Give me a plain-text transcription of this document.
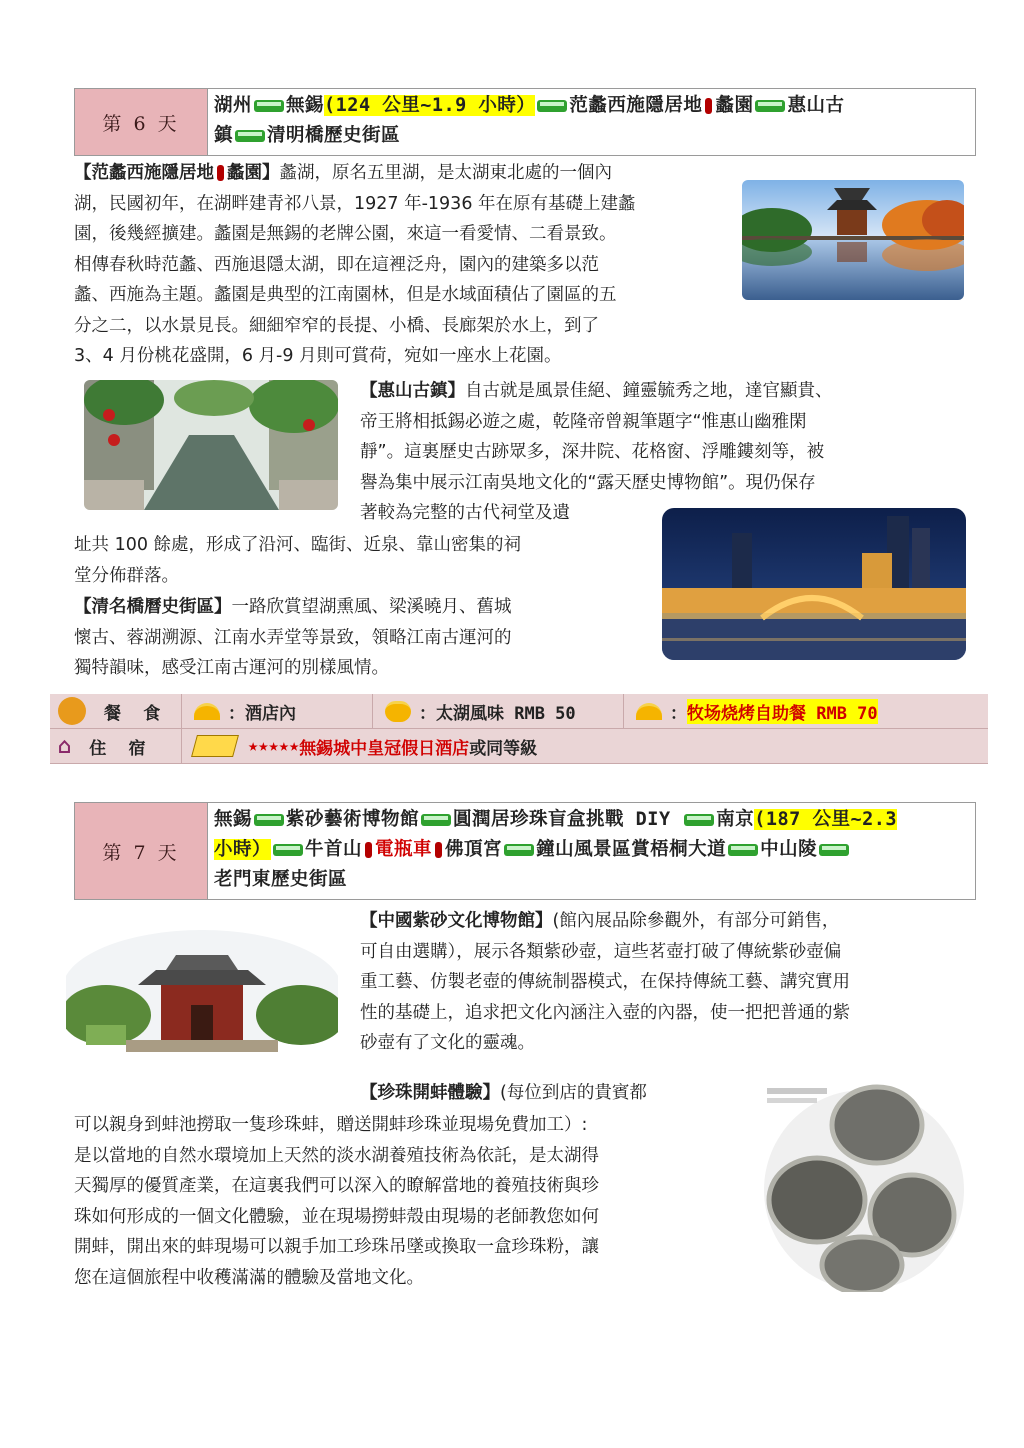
第 6 天
湖州 無錫(124 公里~1.9 小時） 范蠡西施隱居地 蠡園 惠山古
鎮 清明橋歷史街區
【范蠡西施隱居地 蠡園】蠡湖，原名五里湖，是太湖東北處的一個內
湖，民國初年，在湖畔建青祁八景，1927 年-1936 年在原有基礎上建蠡
園，後幾經擴建。蠡園是無錫的老牌公園，來這一看愛情、二看景致。
相傳春秋時范蠡、西施退隱太湖，即在這裡泛舟，園內的建築多以范
蠡、西施為主題。蠡園是典型的江南園林，但是水域面積佔了園區的五
分之二，以水景見長。細細窄窄的長提、小橋、長廊架於水上，到了
3、4 月份桃花盛開，6 月-9 月則可賞荷，宛如一座水上花園。
【惠山古鎮】自古就是風景佳絕、鐘靈毓秀之地，達官顯貴、
帝王將相抵錫必遊之處，乾隆帝曾親筆題字“惟惠山幽雅閑
靜”。這裏歷史古跡眾多，深井院、花格窗、浮雕鏤刻等，被
譽為集中展示江南吳地文化的“露天歷史博物館”。現仍保存
著較為完整的古代祠堂及遺
址共 100 餘處，形成了沿河、臨街、近泉、靠山密集的祠
堂分佈群落。
【清名橋曆史街區】一路欣賞望湖熏風、梁溪曉月、舊城
懷古、蓉湖溯源、江南水弄堂等景致，領略江南古運河的
獨特韻味，感受江南古運河的別樣風情。
餐 食	：酒店內	：太湖風味 RMB 50	： 牧场烧烤自助餐 RMB 70
⌂ 住 宿	★★★★★ 無錫城中皇冠假日酒店 或同等級
第 7 天
無錫 紫砂藝術博物館 圓潤居珍珠盲盒挑戰 DIY 南京(187 公里~2.3
小時） 牛首山 電瓶車 佛頂宮 鐘山風景區賞梧桐大道 中山陵
老門東歷史街區
【中國紫砂文化博物館】(館內展品除參觀外，有部分可銷售，
可自由選購），展示各類紫砂壺，這些茗壺打破了傳統紫砂壺偏
重工藝、仿製老壺的傳統制器模式，在保持傳統工藝、講究實用
性的基礎上，追求把文化內涵注入壺的內器，使一把把普通的紫
砂壺有了文化的靈魂。
【珍珠開蚌體驗】(每位到店的貴賓都
可以親身到蚌池撈取一隻珍珠蚌，贈送開蚌珍珠並現場免費加工）:
是以當地的自然水環境加上天然的淡水湖養殖技術為依託，是太湖得
天獨厚的優質產業，在這裏我們可以深入的瞭解當地的養殖技術與珍
珠如何形成的一個文化體驗，並在現場撈蚌殼由現場的老師教您如何
開蚌，開出來的蚌現場可以親手加工珍珠吊墜或換取一盒珍珠粉，讓
您在這個旅程中收穫滿滿的體驗及當地文化。
